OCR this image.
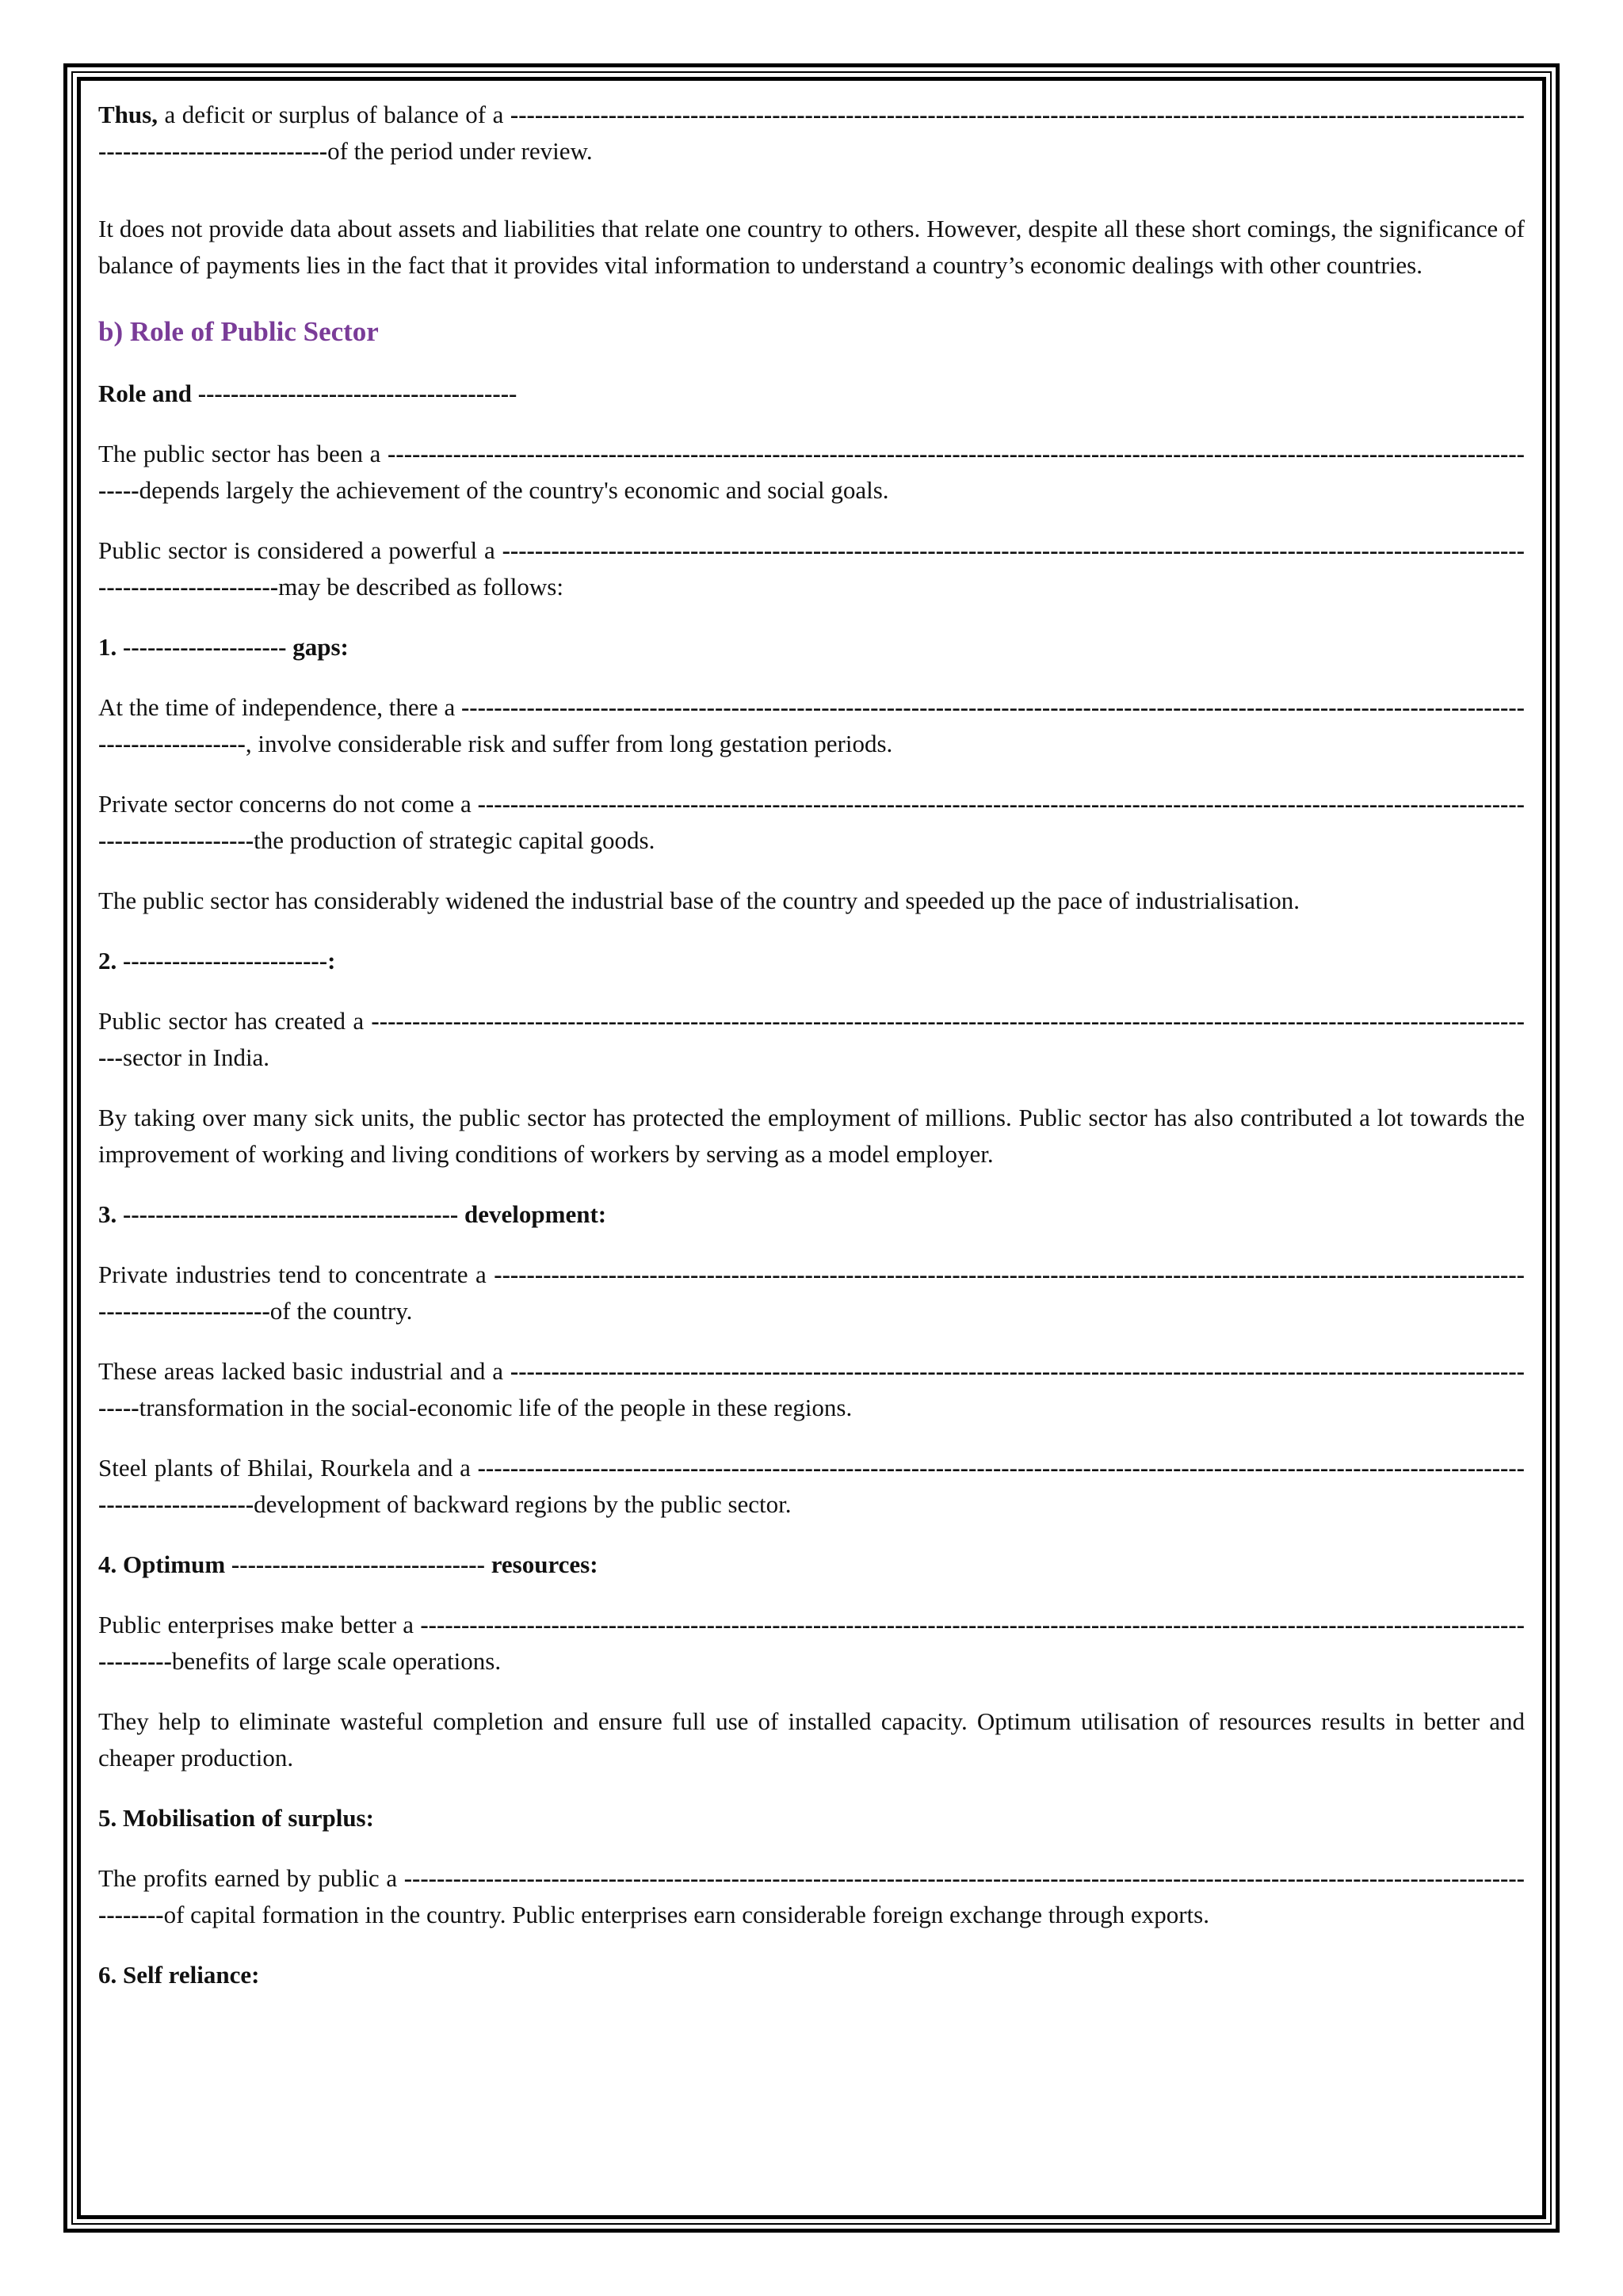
Thus, a deficit or surplus of balance of a --------------------------------------------------------------------------------------------------------------------------------------------------------of the period under review.

It does not provide data about assets and liabilities that relate one country to others. However, despite all these short comings, the significance of balance of payments lies in the fact that it provides vital information to understand a country’s economic dealings with other countries.

b) Role of Public Sector

Role and ---------------------------------------

The public sector has been a ------------------------------------------------------------------------------------------------------------------------------------------------depends largely the achievement of the country's economic and social goals.
Public sector is considered a powerful a ---------------------------------------------------------------------------------------------------------------------------------------------------may be described as follows:

1. -------------------- gaps:

At the time of independence, there a ----------------------------------------------------------------------------------------------------------------------------------------------------, involve considerable risk and suffer from long gestation periods.
Private sector concerns do not come a ---------------------------------------------------------------------------------------------------------------------------------------------------the production of strategic capital goods.

The public sector has considerably widened the industrial base of the country and speeded up the pace of industrialisation.

2. -------------------------:

Public sector has created a ------------------------------------------------------------------------------------------------------------------------------------------------sector in India.

By taking over many sick units, the public sector has protected the employment of millions. Public sector has also contributed a lot towards the improvement of working and living conditions of workers by serving as a model employer.

3. ----------------------------------------- development:

Private industries tend to concentrate a ---------------------------------------------------------------------------------------------------------------------------------------------------of the country.
These areas lacked basic industrial and a ---------------------------------------------------------------------------------------------------------------------------------transformation in the social-economic life of the people in these regions.
Steel plants of Bhilai, Rourkela and a ---------------------------------------------------------------------------------------------------------------------------------------------------development of backward regions by the public sector.

4. Optimum ------------------------------- resources:

Public enterprises make better a ------------------------------------------------------------------------------------------------------------------------------------------------benefits of large scale operations.

They help to eliminate wasteful completion and ensure full use of installed capacity. Optimum utilisation of resources results in better and cheaper production.

5. Mobilisation of surplus:

The profits earned by public a -------------------------------------------------------------------------------------------------------------------------------------------------of capital formation in the country. Public enterprises earn considerable foreign exchange through exports.

6. Self reliance:
